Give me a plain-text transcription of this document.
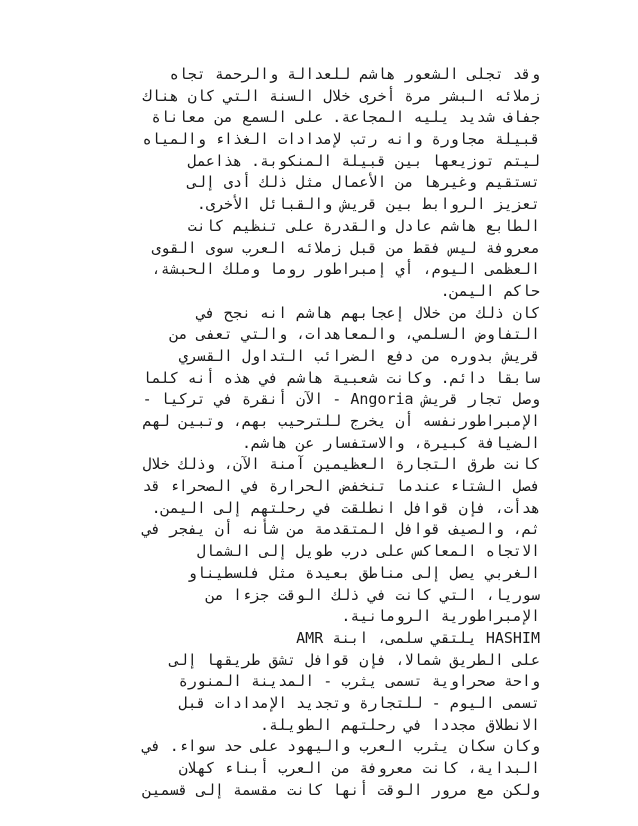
وقد تجلى الشعور هاشم للعدالة والرحمة تجاه
زملائه البشر مرة أخرى خلال السنة التي كان هناك
جفاف شديد يليه المجاعة. على السمع من معاناة
قبيلة مجاورة وانه رتب لإمدادات الغذاء والمياه
ليتم توزيعها بين قبيلة المنكوبة. هذاعمل
تستقيم وغيرها من الأعمال مثل ذلك أدى إلى
تعزيز الروابط بين قريش والقبائل الأخرى.
الطابع هاشم عادل والقدرة على تنظيم كانت
معروفة ليس فقط من قبل زملائه العرب سوى القوى
العظمى اليوم، أي إمبراطور روما وملك الحبشة،
حاكم اليمن.
كان ذلك من خلال إعجابهم هاشم انه نجح في
التفاوض السلمي، والمعاهدات، والتي تعفى من
قريش بدوره من دفع الضرائب التداول القسري
سابقا دائم. وكانت شعبية هاشم في هذه أنه كلما
وصل تجار قريش Angoria - الآن أنقرة في تركيا -
الإمبراطورنفسه أن يخرج للترحيب بهم، وتبين لهم
الضيافة كبيرة، والاستفسار عن هاشم.
كانت طرق التجارة العظيمين آمنة الآن، وذلك خلال
فصل الشتاء عندما تنخفض الحرارة في الصحراء قد
هدأت، فإن قوافل انطلقت في رحلتهم إلى اليمن.
ثم، والصيف قوافل المتقدمة من شأنه أن يفجر في
الاتجاه المعاكس على درب طويل إلى الشمال
الغربي يصل إلى مناطق بعيدة مثل فلسطيناو
سوريا، التي كانت في ذلك الوقت جزءا من
الإمبراطورية الرومانية.
HASHIM يلتقي سلمى، ابنة AMR
على الطريق شمالا، فإن قوافل تشق طريقها إلى
واحة صحراوية تسمى يثرب - المدينة المنورة
تسمى اليوم - للتجارة وتجديد الإمدادات قبل
الانطلاق مجددا في رحلتهم الطويلة.
وكان سكان يثرب العرب واليهود على حد سواء. في
البداية، كانت معروفة من العرب أبناء كهلان
ولكن مع مرور الوقت أنها كانت مقسمة إلى قسمين
